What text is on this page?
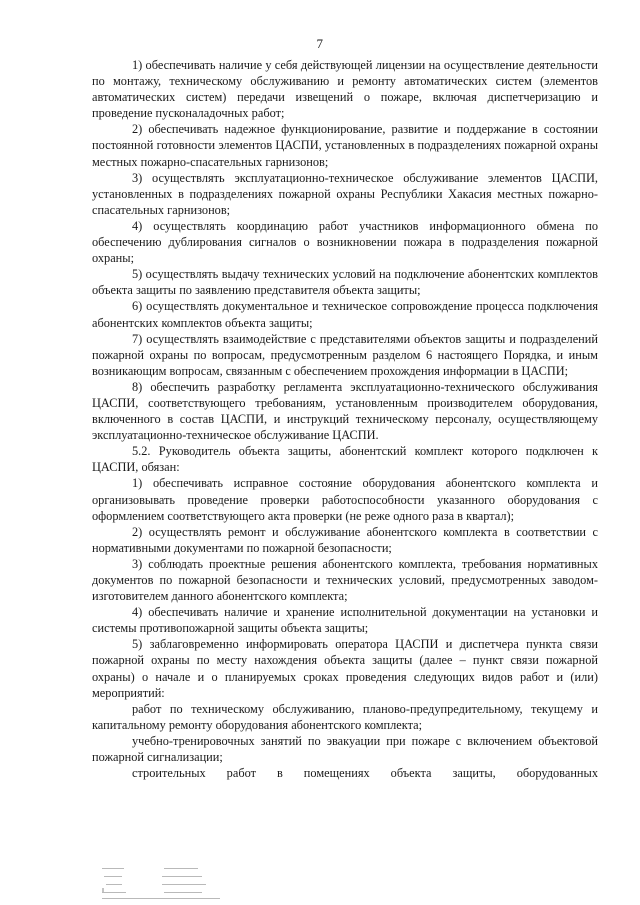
7

1) обеспечивать наличие у себя действующей лицензии на осуществление деятельности по монтажу, техническому обслуживанию и ремонту автоматических систем (элементов автоматических систем) передачи извещений о пожаре, включая диспетчеризацию и проведение пусконаладочных работ;

2) обеспечивать надежное функционирование, развитие и поддержание в состоянии постоянной готовности элементов ЦАСПИ, установленных в подразделениях пожарной охраны местных пожарно-спасательных гарнизонов;

3) осуществлять эксплуатационно-техническое обслуживание элементов ЦАСПИ, установленных в подразделениях пожарной охраны Республики Хакасия местных пожарно-спасательных гарнизонов;

4) осуществлять координацию работ участников информационного обмена по обеспечению дублирования сигналов о возникновении пожара в подразделения пожарной охраны;

5) осуществлять выдачу технических условий на подключение абонентских комплектов объекта защиты по заявлению представителя объекта защиты;

6) осуществлять документальное и техническое сопровождение процесса подключения абонентских комплектов объекта защиты;

7) осуществлять взаимодействие с представителями объектов защиты и подразделений пожарной охраны по вопросам, предусмотренным разделом 6 настоящего Порядка, и иным возникающим вопросам, связанным с обеспечением прохождения информации в ЦАСПИ;

8) обеспечить разработку регламента эксплуатационно-технического обслуживания ЦАСПИ, соответствующего требованиям, установленным производителем оборудования, включенного в состав ЦАСПИ, и инструкций техническому персоналу, осуществляющему эксплуатационно-техническое обслуживание ЦАСПИ.

5.2. Руководитель объекта защиты, абонентский комплект которого подключен к ЦАСПИ, обязан:

1) обеспечивать исправное состояние оборудования абонентского комплекта и организовывать проведение проверки работоспособности указанного оборудования с оформлением соответствующего акта проверки (не реже одного раза в квартал);

2) осуществлять ремонт и обслуживание абонентского комплекта в соответствии с нормативными документами по пожарной безопасности;

3) соблюдать проектные решения абонентского комплекта, требования нормативных документов по пожарной безопасности и технических условий, предусмотренных заводом-изготовителем данного абонентского комплекта;

4) обеспечивать наличие и хранение исполнительной документации на установки и системы противопожарной защиты объекта защиты;

5) заблаговременно информировать оператора ЦАСПИ и диспетчера пункта связи пожарной охраны по месту нахождения объекта защиты (далее – пункт связи пожарной охраны) о начале и о планируемых сроках проведения следующих видов работ и (или) мероприятий:

работ по техническому обслуживанию, планово-предупредительному, текущему и капитальному ремонту оборудования абонентского комплекта;

учебно-тренировочных занятий по эвакуации при пожаре с включением объектовой пожарной сигнализации;

строительных работ в помещениях объекта защиты, оборудованных
